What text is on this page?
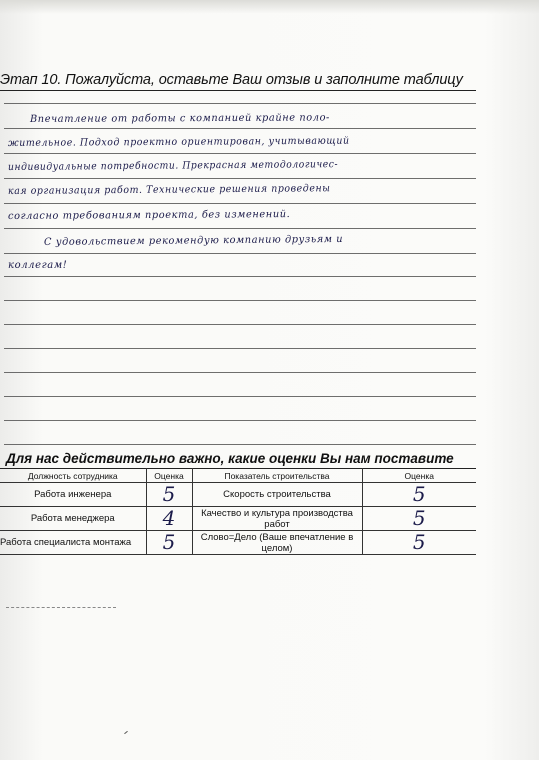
Этап 10. Пожалуйста, оставьте Ваш отзыв и заполните таблицу
Впечатление от работы с компанией крайне поло-
жительное. Подход проектно ориентирован, учитывающий
индивидуальные потребности. Прекрасная методологичес-
кая организация работ. Технические решения проведены
согласно требованиям проекта, без изменений.
С удовольствием рекомендую компанию друзьям и
коллегам!
Для нас действительно важно, какие оценки Вы нам поставите
Должность сотрудника	Оценка	Показатель строительства	Оценка
Работа инженера	5	Скорость строительства	5
Работа менеджера	4	Качество и культура производства работ	5
Работа специалиста монтажа	5	Слово=Дело (Ваше впечатление в целом)	5
